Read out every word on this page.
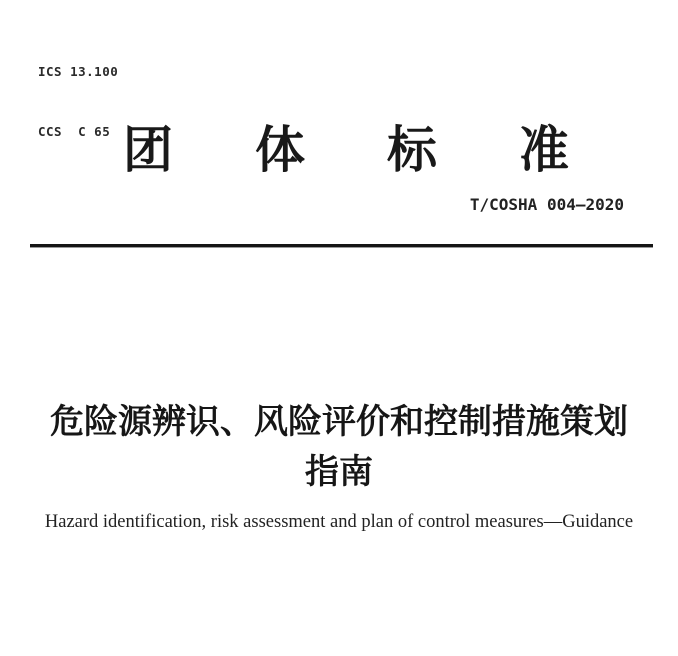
ICS 13.100

CCS  C 65

团 体 标 准
T/COSHA 004—2020
危险源辨识、风险评价和控制措施策划
指南
Hazard identification, risk assessment and plan of control measures—Guidance
